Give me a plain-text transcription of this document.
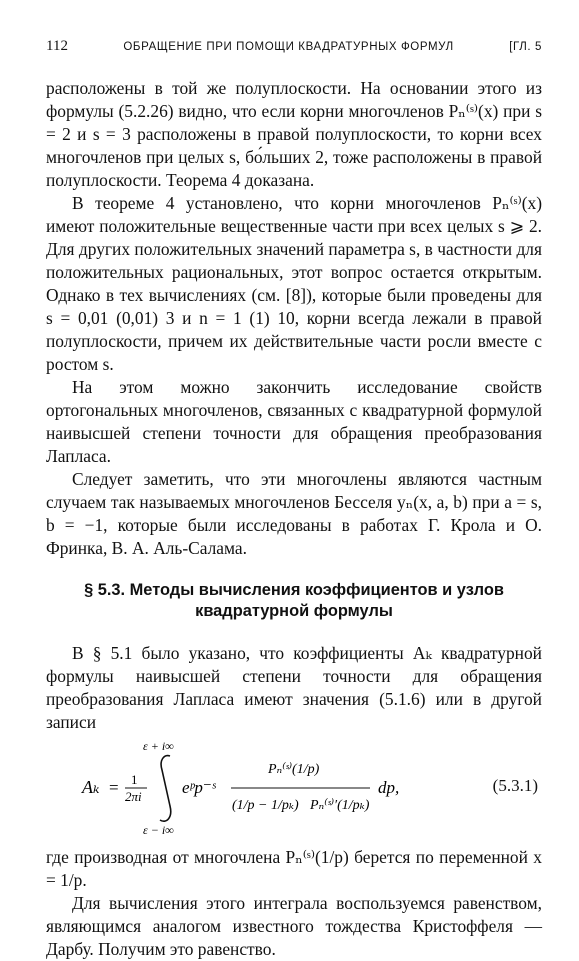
112	ОБРАЩЕНИЕ ПРИ ПОМОЩИ КВАДРАТУРНЫХ ФОРМУЛ	[ГЛ. 5

расположены в той же полуплоскости. На основании этого из формулы (5.2.26) видно, что если корни многочленов Pₙ⁽ˢ⁾(x) при s = 2 и s = 3 расположены в правой полуплоскости, то корни всех многочленов при целых s, бо́льших 2, тоже расположены в правой полуплоскости. Теорема 4 доказана.

В теореме 4 установлено, что корни многочленов Pₙ⁽ˢ⁾(x) имеют положительные вещественные части при всех целых s ⩾ 2. Для других положительных значений параметра s, в частности для положительных рациональных, этот вопрос остается открытым. Однако в тех вычислениях (см. [8]), которые были проведены для s = 0,01 (0,01) 3 и n = 1 (1) 10, корни всегда лежали в правой полуплоскости, причем их действительные части росли вместе с ростом s.

На этом можно закончить исследование свойств ортогональных многочленов, связанных с квадратурной формулой наивысшей степени точности для обращения преобразования Лапласа.

Следует заметить, что эти многочлены являются частным случаем так называемых многочленов Бесселя yₙ(x, a, b) при a = s, b = −1, которые были исследованы в работах Г. Крола и О. Фринка, В. А. Аль-Салама.

§ 5.3. Методы вычисления коэффициентов и узлов
квадратурной формулы

В § 5.1 было указано, что коэффициенты Aₖ квадратурной формулы наивысшей степени точности для обращения преобразования Лапласа имеют значения (5.1.6) или в другой записи

Aₖ = 1
2πi
ε + i∞
ε − i∞
eᵖp⁻ˢ
Pₙ⁽ˢ⁾(1/p)
(1/p − 1/pₖ) Pₙ⁽ˢ⁾′(1/pₖ)
dp,	(5.3.1)

где производная от многочлена Pₙ⁽ˢ⁾(1/p) берется по переменной x = 1/p.

Для вычисления этого интеграла воспользуемся равенством, являющимся аналогом известного тождества Кристоффеля — Дарбу. Получим это равенство.
